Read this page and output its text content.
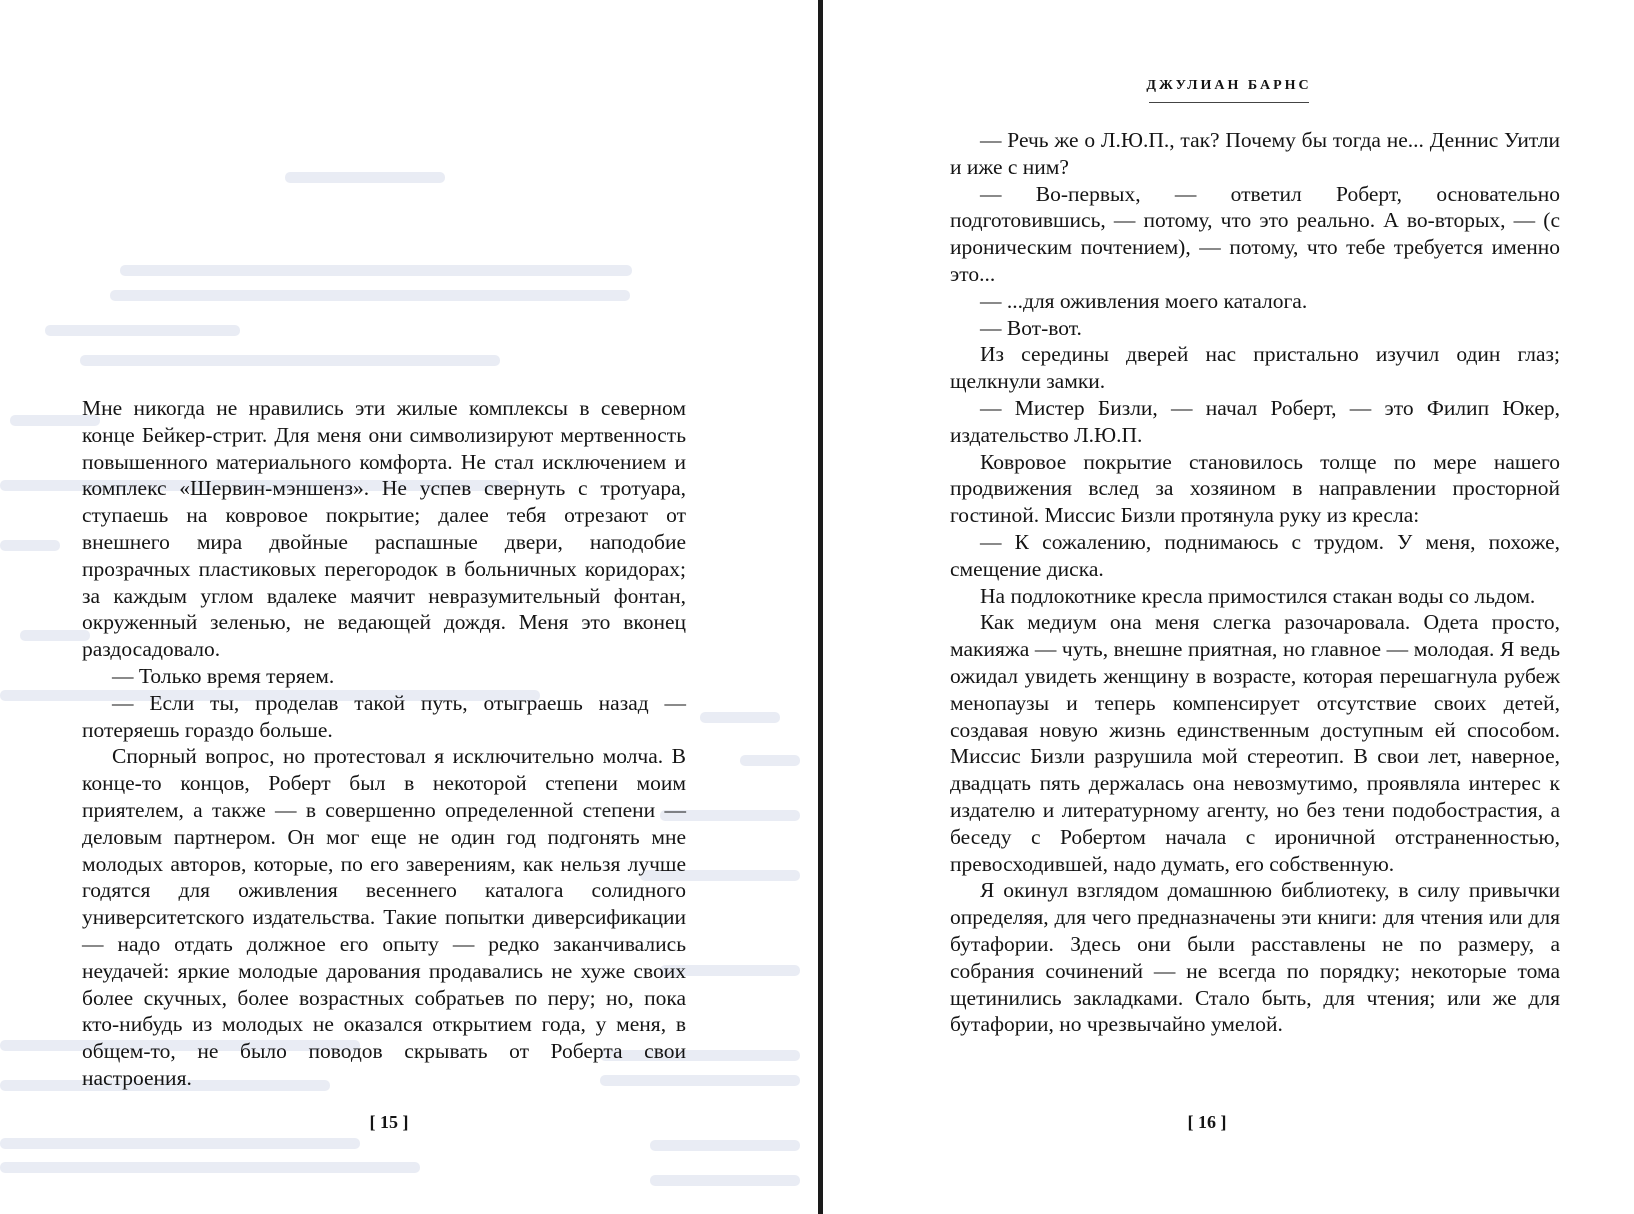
Мне никогда не нравились эти жилые комплексы в северном конце Бейкер-стрит. Для меня они символизируют мертвенность повышенного материального комфорта. Не стал исключением и комплекс «Шервин-мэншенз». Не успев свернуть с тротуара, ступаешь на ковровое покрытие; далее тебя отрезают от внешнего мира двойные распашные двери, наподобие прозрачных пластиковых перегородок в больничных коридорах; за каждым углом вдалеке маячит невразумительный фонтан, окруженный зеленью, не ведающей дождя. Меня это вконец раздосадовало.

— Только время теряем.

— Если ты, проделав такой путь, отыграешь назад — потеряешь гораздо больше.

Спорный вопрос, но протестовал я исключительно молча. В конце-то концов, Роберт был в некоторой степени моим приятелем, а также — в совершенно определенной степени — деловым партнером. Он мог еще не один год подгонять мне молодых авторов, которые, по его заверениям, как нельзя лучше годятся для оживления весеннего каталога солидного университетского издательства. Такие попытки диверсификации — надо отдать должное его опыту — редко заканчивались неудачей: яркие молодые дарования продавались не хуже своих более скучных, более возрастных собратьев по перу; но, пока кто-нибудь из молодых не оказался открытием года, у меня, в общем-то, не было поводов скрывать от Роберта свои настроения.

[ 15 ]
ДЖУЛИАН БАРНС

— Речь же о Л.Ю.П., так? Почему бы тогда не... Деннис Уитли и иже с ним?

— Во-первых, — ответил Роберт, основательно подготовившись, — потому, что это реально. А во-вторых, — (с ироническим почтением), — потому, что тебе требуется именно это...

— ...для оживления моего каталога.

— Вот-вот.

Из середины дверей нас пристально изучил один глаз; щелкнули замки.

— Мистер Бизли, — начал Роберт, — это Филип Юкер, издательство Л.Ю.П.

Ковровое покрытие становилось толще по мере нашего продвижения вслед за хозяином в направлении просторной гостиной. Миссис Бизли протянула руку из кресла:

— К сожалению, поднимаюсь с трудом. У меня, похоже, смещение диска.

На подлокотнике кресла примостился стакан воды со льдом.

Как медиум она меня слегка разочаровала. Одета просто, макияжа — чуть, внешне приятная, но главное — молодая. Я ведь ожидал увидеть женщину в возрасте, которая перешагнула рубеж менопаузы и теперь компенсирует отсутствие своих детей, создавая новую жизнь единственным доступным ей способом. Миссис Бизли разрушила мой стереотип. В свои лет, наверное, двадцать пять держалась она невозмутимо, проявляла интерес к издателю и литературному агенту, но без тени подобострастия, а беседу с Робертом начала с ироничной отстраненностью, превосходившей, надо думать, его собственную.

Я окинул взглядом домашнюю библиотеку, в силу привычки определяя, для чего предназначены эти книги: для чтения или для бутафории. Здесь они были расставлены не по размеру, а собрания сочинений — не всегда по порядку; некоторые тома щетинились закладками. Стало быть, для чтения; или же для бутафории, но чрезвычайно умелой.

[ 16 ]
